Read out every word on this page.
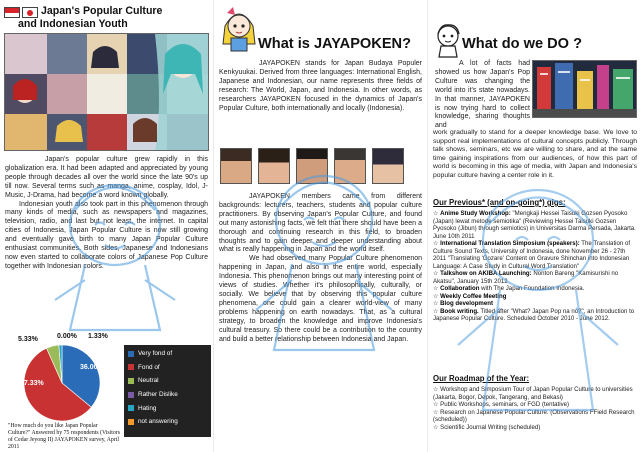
Japan's Popular Culture
and Indonesian Youth

Japan's popular culture grew rapidly in this globalization era. It had been adapted and appreciated by young people through decades all over the world since the late 90's up till now. Several terms such as manga, anime, cosplay, Idol, J-Music, J-Drama, had become a word known globally.

Indonesian youth also took part in this phenomenon through many kinds of media, such as newspapers and magazines, television, radio, and last but not least, the internet. In capital cities of Indonesia, Japan Popular Culture is now still growing and eventually gave birth to many Japan Popular Culture enthusiast communities. Both sides, Japanese and Indonesians now even started to collaborate colors of Japanese Pop Culture together with Indonesian colors.

5.33%	0.00% 1.33%
36.00%
57.33%
Very fond of
Fond of
Neutral
Rather Dislike
Hating
not answering
"How much do you like Japan Popular Culture?" Answered by 75 respondents (Visitors of Cedar Jeyong II) JAYAPOKEN survey, April 2011
What is JAYAPOKEN?

JAYAPOKEN stands for Japan Budaya Populer Kenkyuukai. Derived from three languages: International English, Japanese and Indonesian, our name represents three fields of research: The World, Japan, and Indonesia. In other words, as researchers JAYAPOKEN focused in the dynamics of Japan's Popular Culture, both internationally and locally (Indonesia).

JAYAPOKEN members came from different backgrounds: lecturers, teachers, students and popular culture practitioners. By observing Japan's Popular Culture, and found out many astonishing facts, we felt that there should have been a thorough and continuing research in this field, to broaden thoughts and to gain deeper and deeper understanding about what is really happening in Japan and the world itself.

We had observed many Popular Culture phenomenon happening in Japan, and also in the entire world, especially Indonesia. This phenomenon brings out many interesting point of views of studies. Whether it's philosophically, culturally, or socially. We believe that by observing this popular culture phenomena, one could gain a clearer world-view of many problems happening on earth nowadays. That, as a cultural strategy, to broaden the knowledge and improve Indonesia's cultural treasury. So there could be a contribution to the country and build a better relationship between Indonesia and Japan.

What do we DO ?

A lot of facts had showed us how Japan's Pop Culture was changing the world into it's state nowadays. In that manner, JAYAPOKEN is now trying hard to collect knowledge, sharing thoughts and

work gradually to stand for a deeper knowledge base. We love to support real implementations of cultural concepts publicly. Through talk shows, seminars, etc we are willing to share, and at the same time gaining inspirations from our audiences, of how this part of world is becoming in this age of media, with Japan and Indonesia's popular culture having a center role in it.

Our Previous* (and on-going*) gigs:
☆ Anime Study Workshop: "Mengkaji Hessei Taisuki Gozsen Pyosoko (Japan) lewat metode semiotika" (Reviewing Hessei Taisuki Gozsen Pyosoko (Jibun) through semiotics) in Universitas Darma Persada, Jakarta. June 10th 2011
☆ International Translation Simposium (speakers): The Translation of Culture Sound Texts, University of Indonesia, done November 26 - 27th 2011 "Translating 'Gozare' Content on Gravure Shinchan into Indonesian Language: A Case Study in Cultural Word Translation"
☆ Talkshow on AKIBA Launching: Nonton Bareng "Kamisurishi no Akatsu", January 15th 2012
☆ Collaboration with The Japan Foundation Indonesia.
☆ Weekly Coffee Meeting
☆ Blog development
☆ Book writing. Titled after "What? Japan Pop na no?", an Introduction to Japanese Popular Culture. Scheduled October 2010 - June 2012.
Our Roadmap of the Year:
☆ Workshop and Simposium Tour of Japan Popular Culture to universities (Jakarta, Bogor, Depok, Tangerang, and Bekasi)
☆ Public Workshops, seminars, or FGD (tentative)
☆ Research on Japanese Popular Culture. (Observations FField Research (scheduled))
☆ Scientific Journal Writing (scheduled)
